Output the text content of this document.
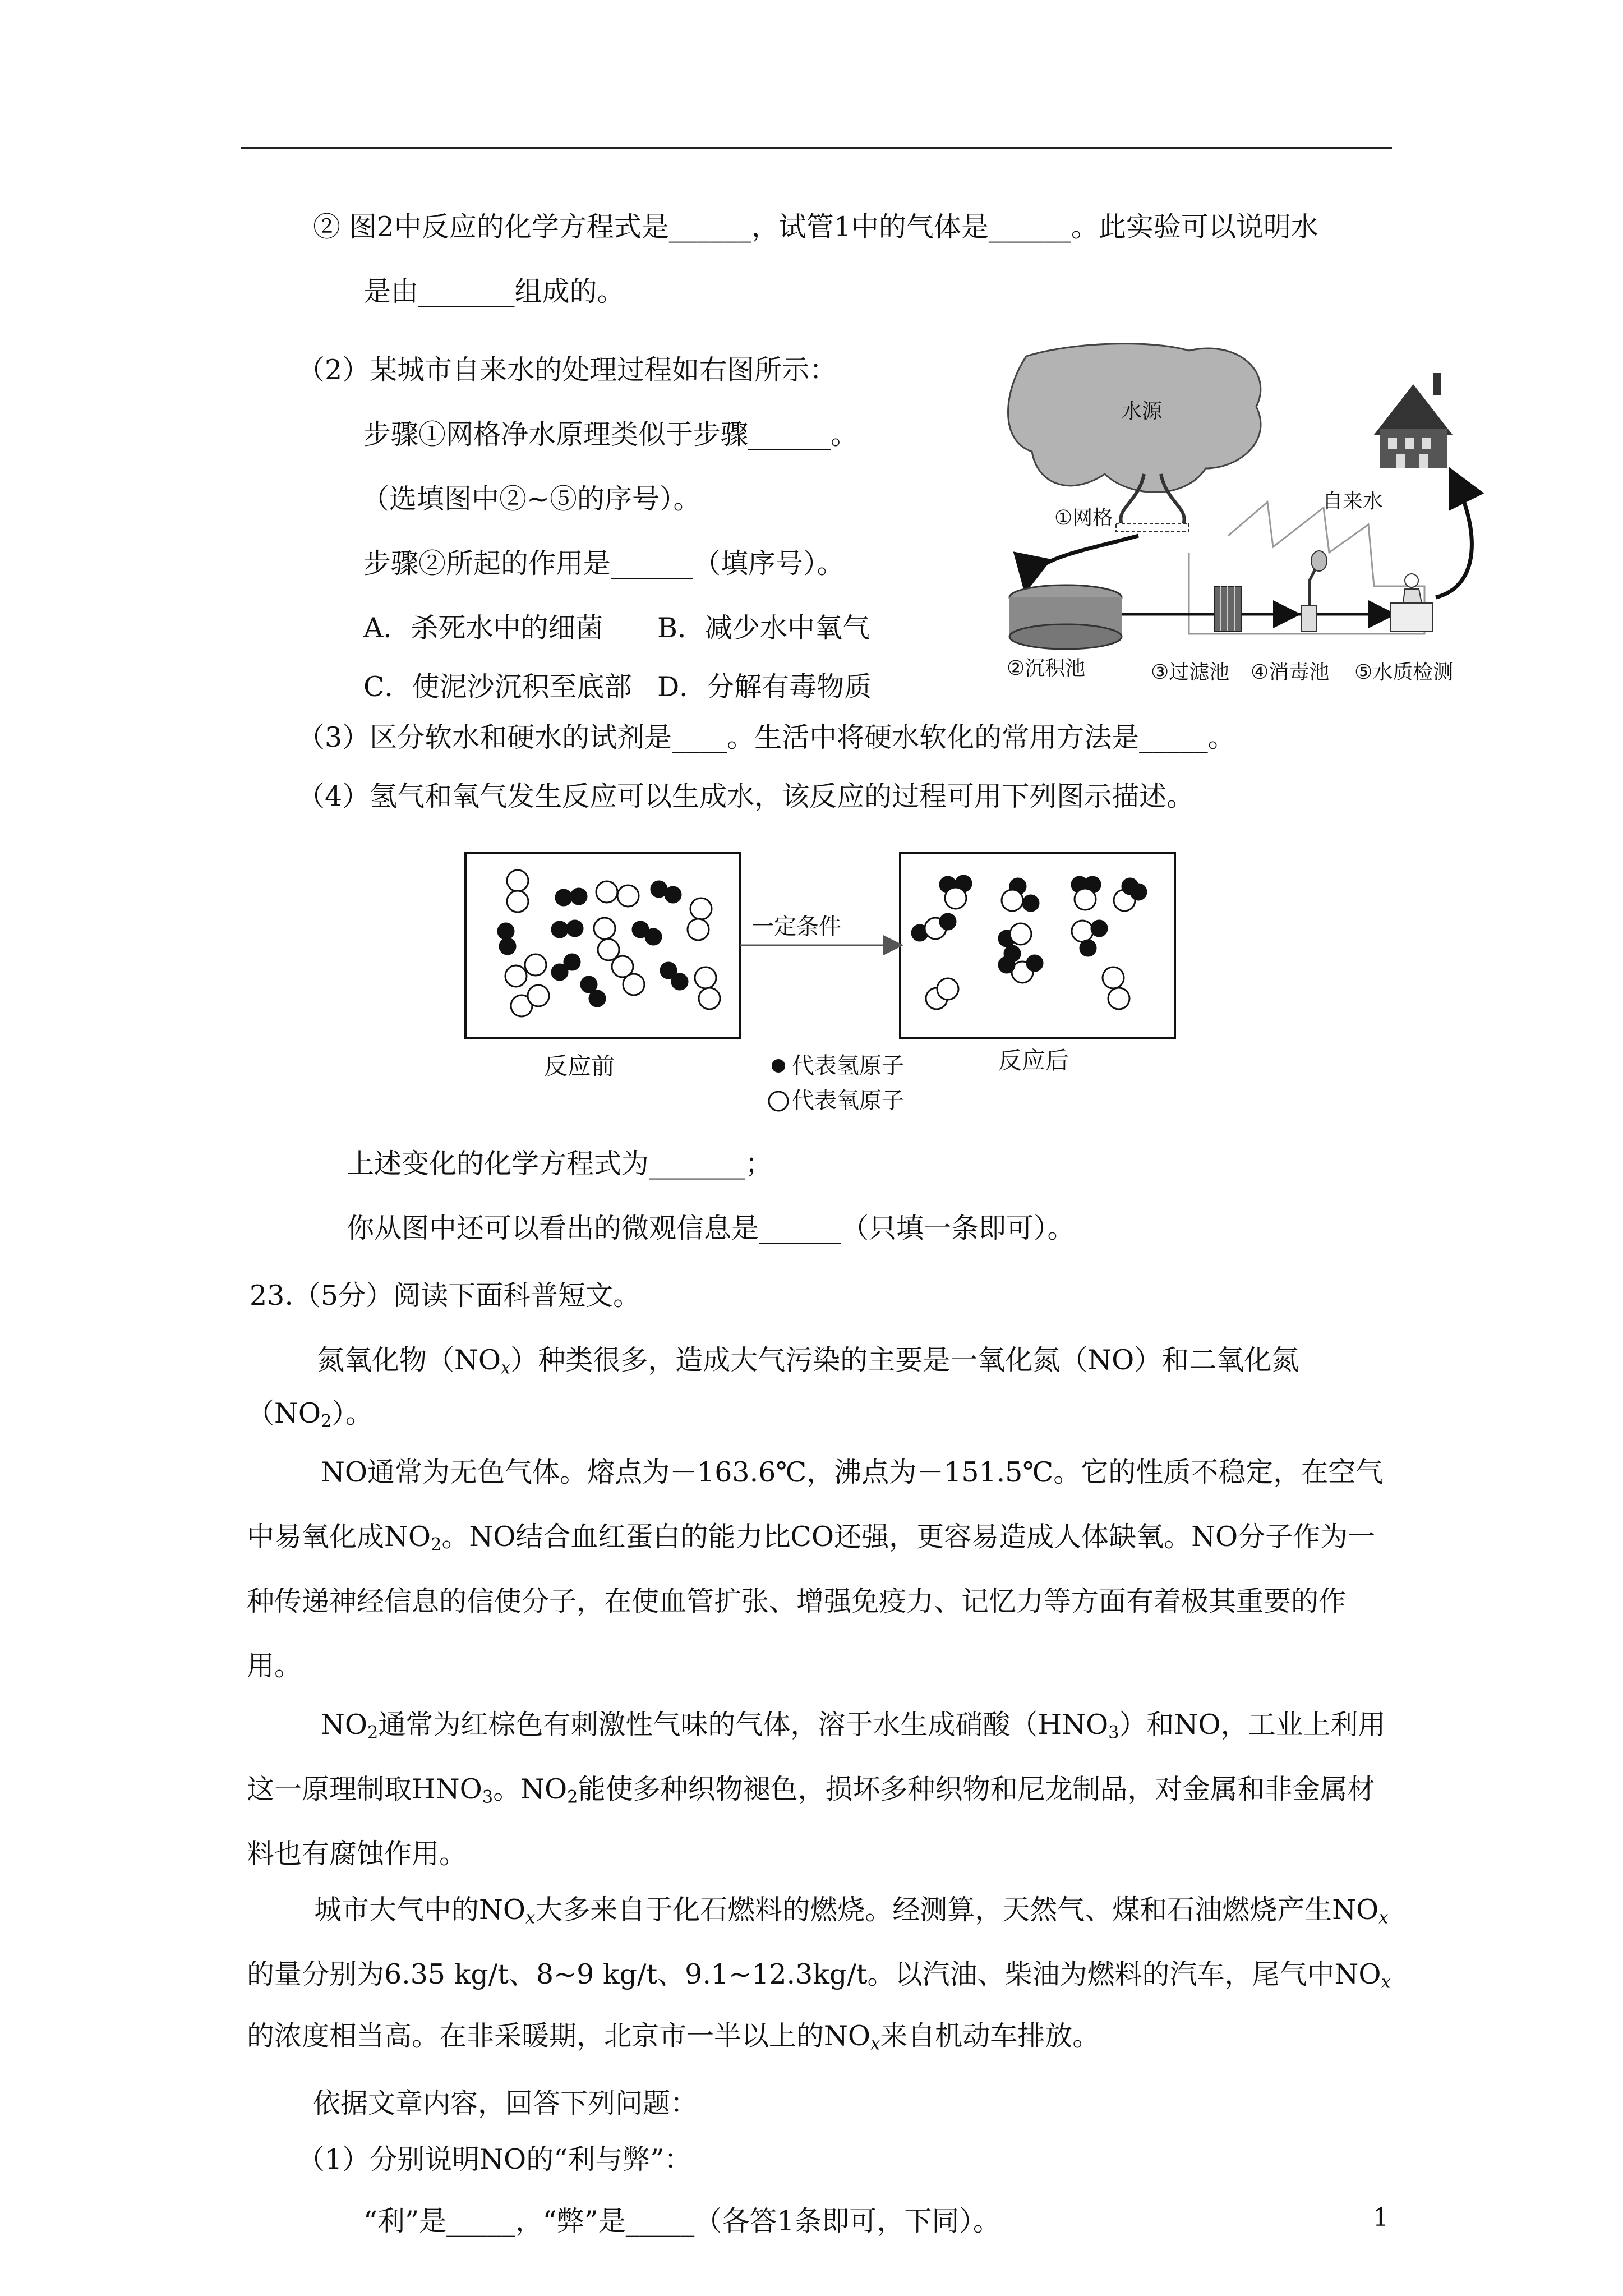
② 图2中反应的化学方程式是______，试管1中的气体是______。此实验可以说明水
是由_______组成的。
（2）某城市自来水的处理过程如右图所示：
步骤①网格净水原理类似于步骤______。
（选填图中②~⑤的序号）。
步骤②所起的作用是______（填序号）。
A．杀死水中的细菌 B．减少水中氧气
C．使泥沙沉积至底部 D．分解有毒物质
（3）区分软水和硬水的试剂是____。生活中将硬水软化的常用方法是_____。
（4）氢气和氧气发生反应可以生成水，该反应的过程可用下列图示描述。
水源
①网格
自来水
②沉积池	③过滤池 ④消毒池 ⑤水质检测
一定条件
反应前	反应后
代表氢原子
代表氧原子
上述变化的化学方程式为_______；
你从图中还可以看出的微观信息是______（只填一条即可）。
23.（5分）阅读下面科普短文。
氮氧化物$(NO_x)$种类很多，造成大气污染的主要是一氧化氮（NO）和二氧化氮
$(NO_2)$。
NO通常为无色气体。熔点为－163.6℃，沸点为－151.5℃。它的性质不稳定，在空气
中易氧化成$NO_2$。NO结合血红蛋白的能力比CO还强，更容易造成人体缺氧。NO分子作为一
种传递神经信息的信使分子，在使血管扩张、增强免疫力、记忆力等方面有着极其重要的作
用。
$NO_2$通常为红棕色有刺激性气味的气体，溶于水生成硝酸$(HNO_3)$和NO，工业上利用
这一原理制取$HNO_3$。$NO_2$能使多种织物褪色，损坏多种织物和尼龙制品，对金属和非金属材
料也有腐蚀作用。
城市大气中的$NO_x$大多来自于化石燃料的燃烧。经测算，天然气、煤和石油燃烧产生$NO_x$
的量分别为6.35 kg/t、8~9 kg/t、9.1~12.3kg/t。以汽油、柴油为燃料的汽车，尾气中$NO_x$
的浓度相当高。在非采暖期，北京市一半以上的$NO_x$来自机动车排放。
依据文章内容，回答下列问题：
（1）分别说明NO的“利与弊”：
“利”是_____，“弊”是_____（各答1条即可，下同）。	1
